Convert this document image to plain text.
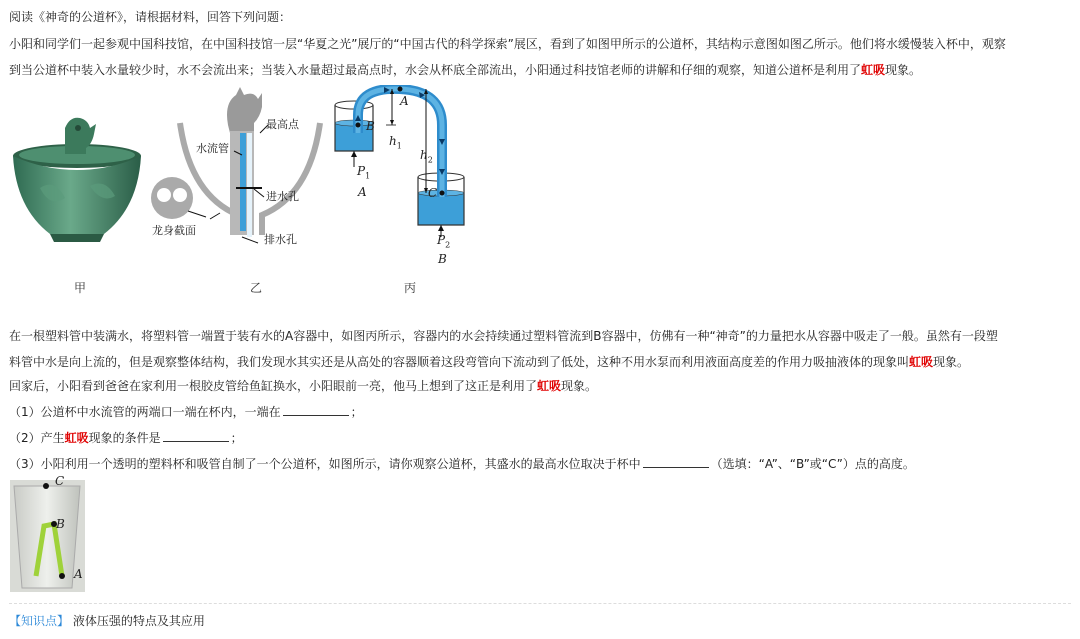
阅读《神奇的公道杯》，请根据材料，回答下列问题：
小阳和同学们一起参观中国科技馆，在中国科技馆一层“华夏之光”展厅的“中国古代的科学探索”展区，看到了如图甲所示的公道杯，其结构示意图如图乙所示。他们将水缓慢装入杯中，观察
到当公道杯中装入水量较少时，水不会流出来；当装入水量超过最高点时，水会从杯底全部流出，小阳通过科技馆老师的讲解和仔细的观察，知道公道杯是利用了虹吸现象。
甲
最高点
水流管
进水孔
龙身截面
排水孔
乙
A
B
$h_1$
$h_2$
C
$P_1$
A
$P_2$
B
丙
在一根塑料管中装满水，将塑料管一端置于装有水的A容器中，如图丙所示，容器内的水会持续通过塑料管流到B容器中，仿佛有一种“神奇”的力量把水从容器中吸走了一般。虽然有一段塑
料管中水是向上流的，但是观察整体结构，我们发现水其实还是从高处的容器顺着这段弯管向下流动到了低处，这种不用水泵而利用液面高度差的作用力吸抽液体的现象叫虹吸现象。
回家后，小阳看到爸爸在家利用一根胶皮管给鱼缸换水，小阳眼前一亮，他马上想到了这正是利用了虹吸现象。
（1）公道杯中水流管的两端口一端在杯内，一端在	；
（2）产生虹吸现象的条件是	；
（3）小阳利用一个透明的塑料杯和吸管自制了一个公道杯，如图所示，请你观察公道杯，其盛水的最高水位取决于杯中	（选填：“A”、“B”或“C”）点的高度。
C
B
A
【知识点】 液体压强的特点及其应用
